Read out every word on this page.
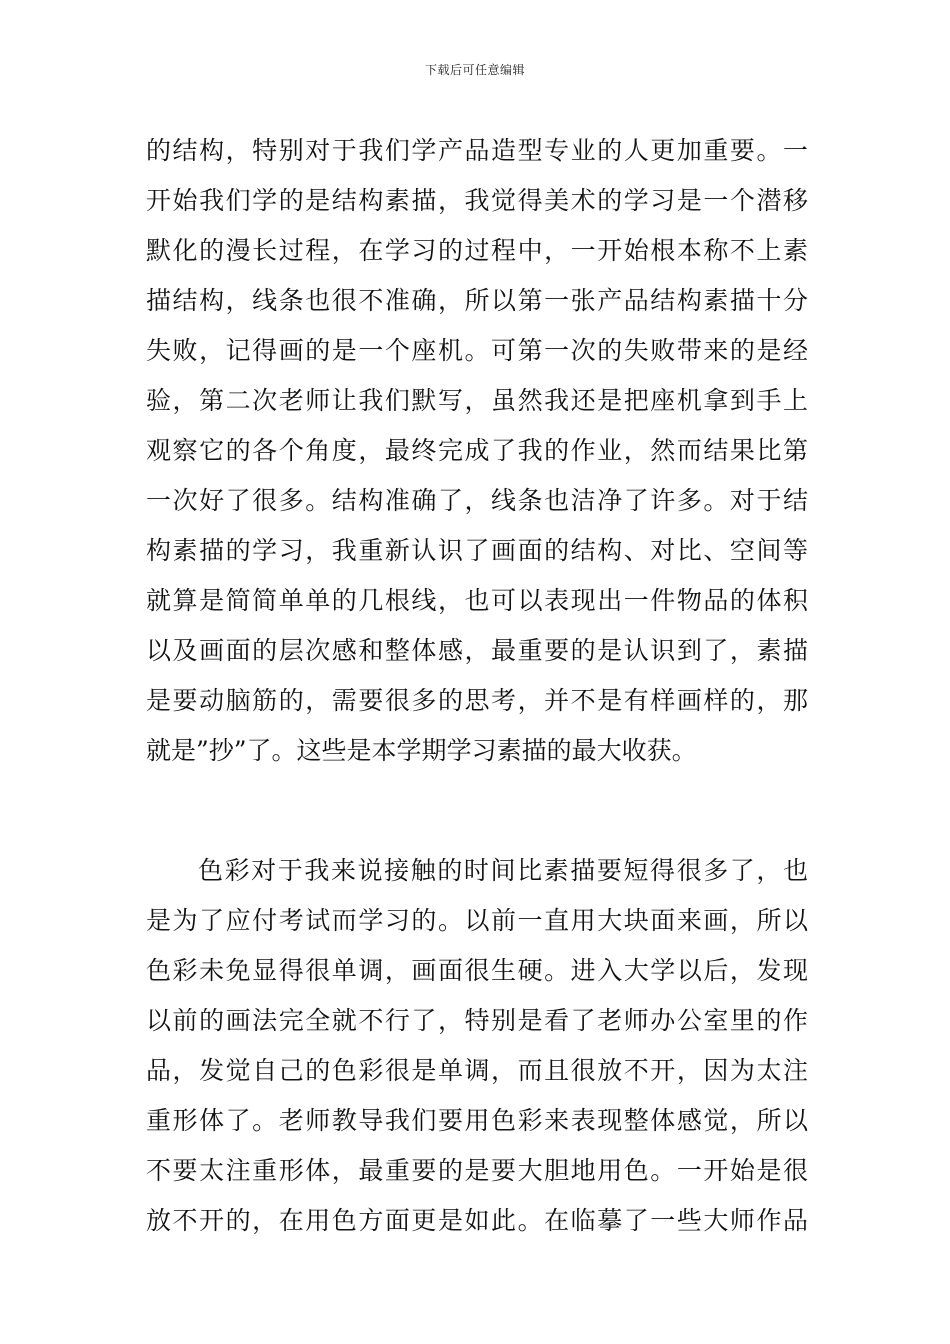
下载后可任意编辑
的结构，特别对于我们学产品造型专业的人更加重要。一
开始我们学的是结构素描，我觉得美术的学习是一个潜移
默化的漫长过程，在学习的过程中，一开始根本称不上素
描结构，线条也很不准确，所以第一张产品结构素描十分
失败，记得画的是一个座机。可第一次的失败带来的是经
验，第二次老师让我们默写，虽然我还是把座机拿到手上
观察它的各个角度，最终完成了我的作业，然而结果比第
一次好了很多。结构准确了，线条也洁净了许多。对于结
构素描的学习，我重新认识了画面的结构、对比、空间等
就算是简简单单的几根线，也可以表现出一件物品的体积
以及画面的层次感和整体感，最重要的是认识到了，素描
是要动脑筋的，需要很多的思考，并不是有样画样的，那
就是”抄”了。这些是本学期学习素描的最大收获。
色彩对于我来说接触的时间比素描要短得很多了，也
是为了应付考试而学习的。以前一直用大块面来画，所以
色彩未免显得很单调，画面很生硬。进入大学以后，发现
以前的画法完全就不行了，特别是看了老师办公室里的作
品，发觉自己的色彩很是单调，而且很放不开，因为太注
重形体了。老师教导我们要用色彩来表现整体感觉，所以
不要太注重形体，最重要的是要大胆地用色。一开始是很
放不开的，在用色方面更是如此。在临摹了一些大师作品
